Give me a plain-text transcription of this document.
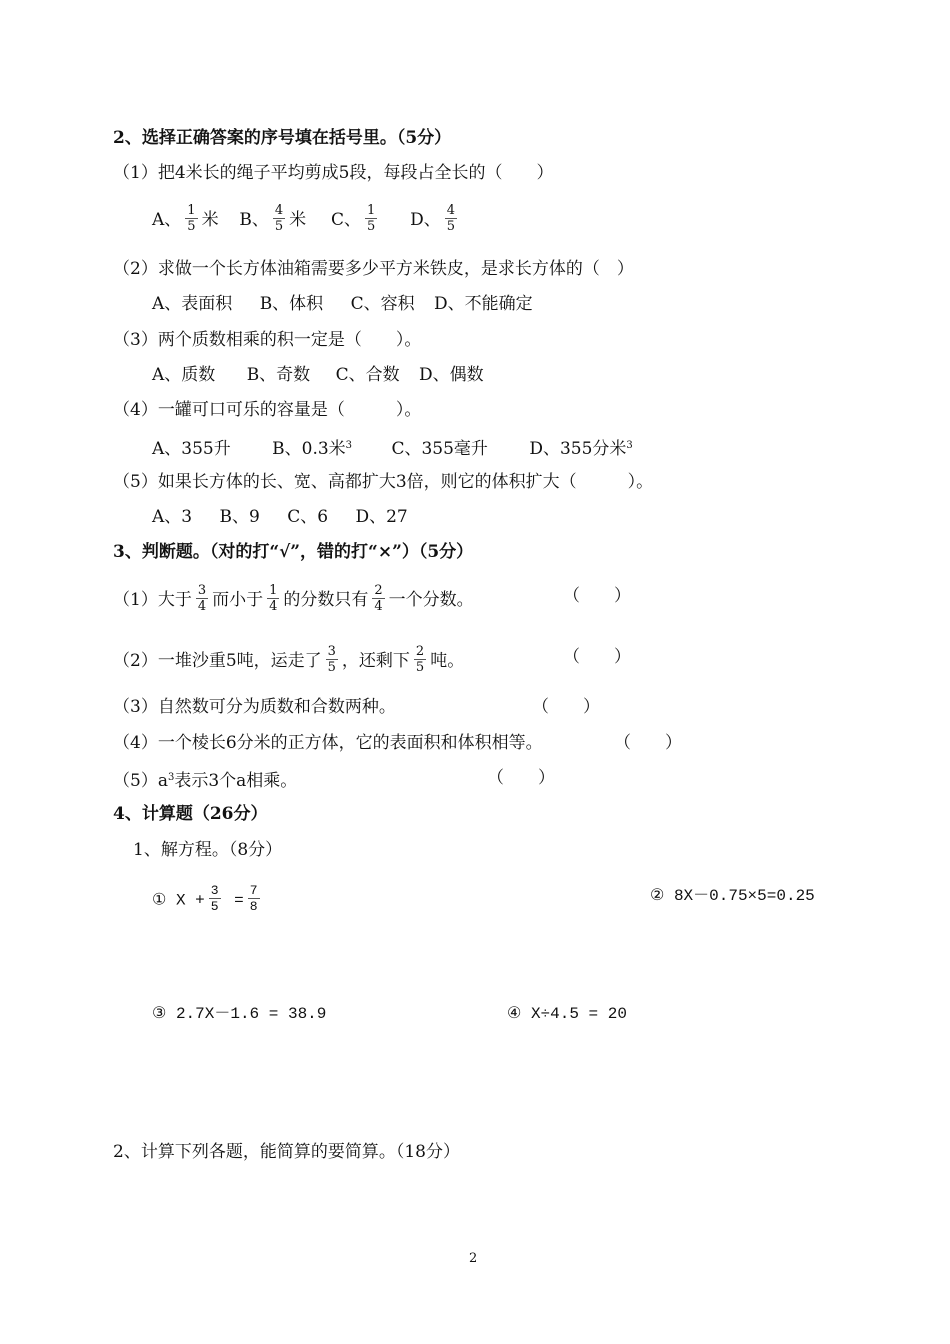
2、选择正确答案的序号填在括号里。（5分）
（1）把4米长的绳子平均剪成5段，每段占全长的（　　）
A、 $\frac{1}{5}$ 米 B、 $\frac{4}{5}$ 米 C、 $\frac{1}{5}$ D、 $\frac{4}{5}$
（2）求做一个长方体油箱需要多少平方米铁皮，是求长方体的（　）
A、表面积 B、体积 C、容积 D、不能确定
（3）两个质数相乘的积一定是（　　）。
A、质数 B、奇数 C、合数 D、偶数
（4）一罐可口可乐的容量是（　　　）。
A、355升 B、0.3米$^3$ C、355毫升 D、355分米$^3$
（5）如果长方体的长、宽、高都扩大3倍，则它的体积扩大（　　　）。
A、3 B、9 C、6 D、27
3、判断题。（对的打“√”，错的打“×”）（5分）
（1）大于 $\frac{3}{4}$ 而小于 $\frac{1}{4}$ 的分数只有 $\frac{2}{4}$ 一个分数。	（　　）
（2）一堆沙重5吨，运走了 $\frac{3}{5}$ ，还剩下 $\frac{2}{5}$ 吨。	（　　）
（3）自然数可分为质数和合数两种。	（　　）
（4）一个棱长6分米的正方体，它的表面积和体积相等。	（　　）
$(5)a^3$表示3个a相乘。	（　　）
4、计算题（26分）
1、解方程。（8分）
① $X + \frac{3}{5} = \frac{7}{8}$	② 8X－0.75×5=0.25
③ 2.7X－1.6 = 38.9	④ X÷4.5 = 20
2、计算下列各题，能简算的要简算。（18分）
2
